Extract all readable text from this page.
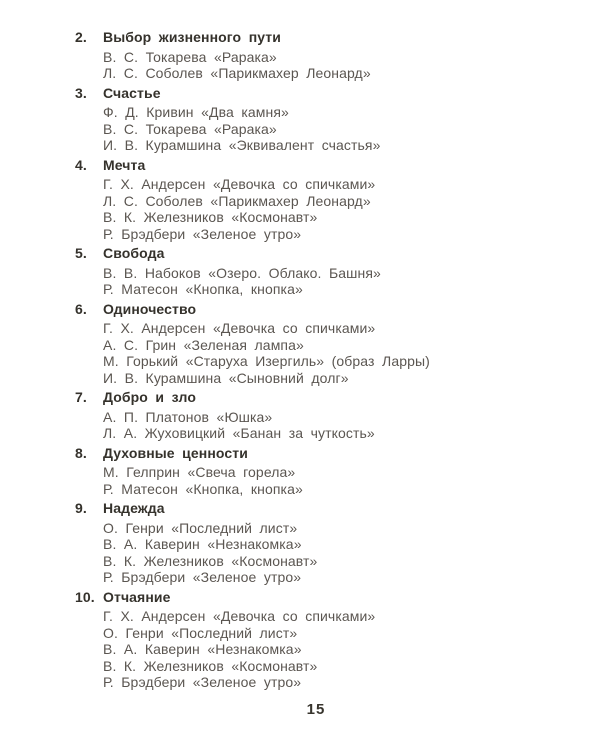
2.	Выбор жизненного пути
В. С. Токарева «Рарака»
Л. С. Соболев «Парикмахер Леонард»
3.	Счастье
Ф. Д. Кривин «Два камня»
В. С. Токарева «Рарака»
И. В. Курамшина «Эквивалент счастья»
4.	Мечта
Г. Х. Андерсен «Девочка со спичками»
Л. С. Соболев «Парикмахер Леонард»
В. К. Железников «Космонавт»
Р. Брэдбери «Зеленое утро»
5.	Свобода
В. В. Набоков «Озеро. Облако. Башня»
Р. Матесон «Кнопка, кнопка»
6.	Одиночество
Г. Х. Андерсен «Девочка со спичками»
А. С. Грин «Зеленая лампа»
М. Горький «Старуха Изергиль» (образ Ларры)
И. В. Курамшина «Сыновний долг»
7.	Добро и зло
А. П. Платонов «Юшка»
Л. А. Жуховицкий «Банан за чуткость»
8.	Духовные ценности
М. Гелприн «Свеча горела»
Р. Матесон «Кнопка, кнопка»
9.	Надежда
О. Генри «Последний лист»
В. А. Каверин «Незнакомка»
В. К. Железников «Космонавт»
Р. Брэдбери «Зеленое утро»
10. Отчаяние
Г. Х. Андерсен «Девочка со спичками»
О. Генри «Последний лист»
В. А. Каверин «Незнакомка»
В. К. Железников «Космонавт»
Р. Брэдбери «Зеленое утро»
15
